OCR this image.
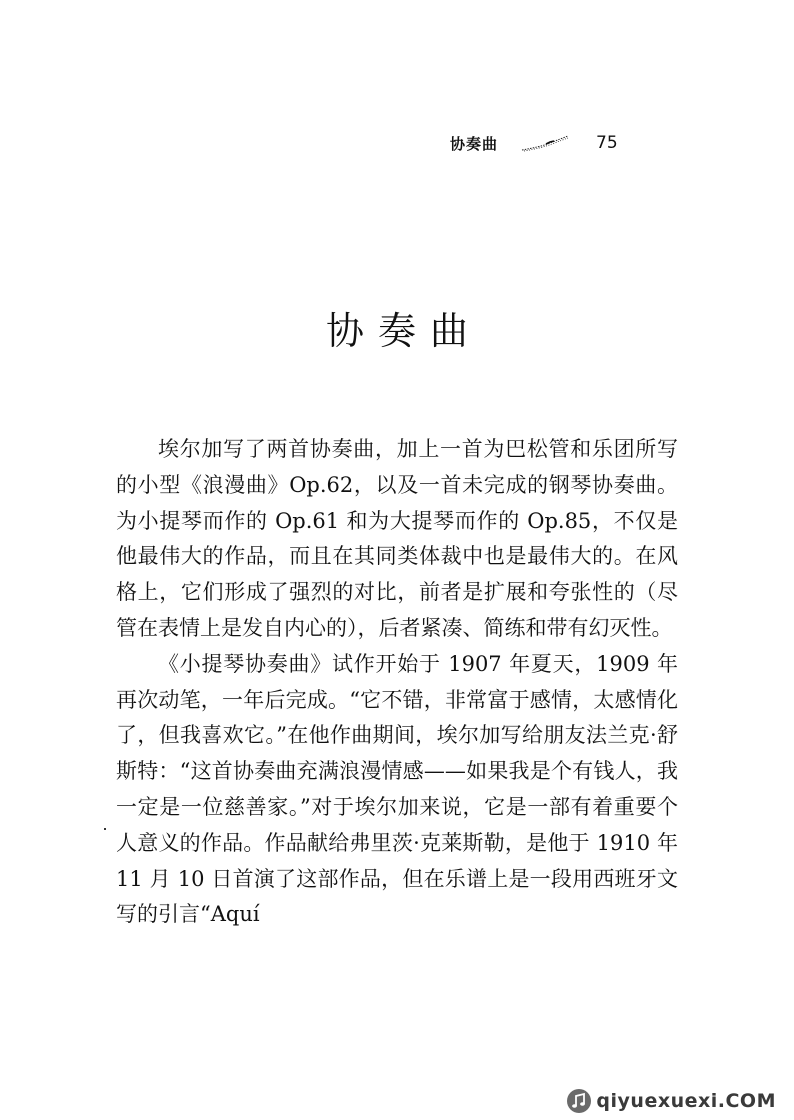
协奏曲	75
协奏曲

埃尔加写了两首协奏曲，加上一首为巴松管和乐团所写的小型《浪漫曲》Op.62，以及一首未完成的钢琴协奏曲。为小提琴而作的 Op.61 和为大提琴而作的 Op.85，不仅是他最伟大的作品，而且在其同类体裁中也是最伟大的。在风格上，它们形成了强烈的对比，前者是扩展和夸张性的（尽管在表情上是发自内心的），后者紧凑、简练和带有幻灭性。

《小提琴协奏曲》试作开始于 1907 年夏天，1909 年再次动笔，一年后完成。“它不错，非常富于感情，太感情化了，但我喜欢它。”在他作曲期间，埃尔加写给朋友法兰克·舒斯特：“这首协奏曲充满浪漫情感——如果我是个有钱人，我一定是一位慈善家。”对于埃尔加来说，它是一部有着重要个人意义的作品。作品献给弗里茨·克莱斯勒，是他于 1910 年 11 月 10 日首演了这部作品，但在乐谱上是一段用西班牙文写的引言“Aquí

qiyuexuexi.COM
